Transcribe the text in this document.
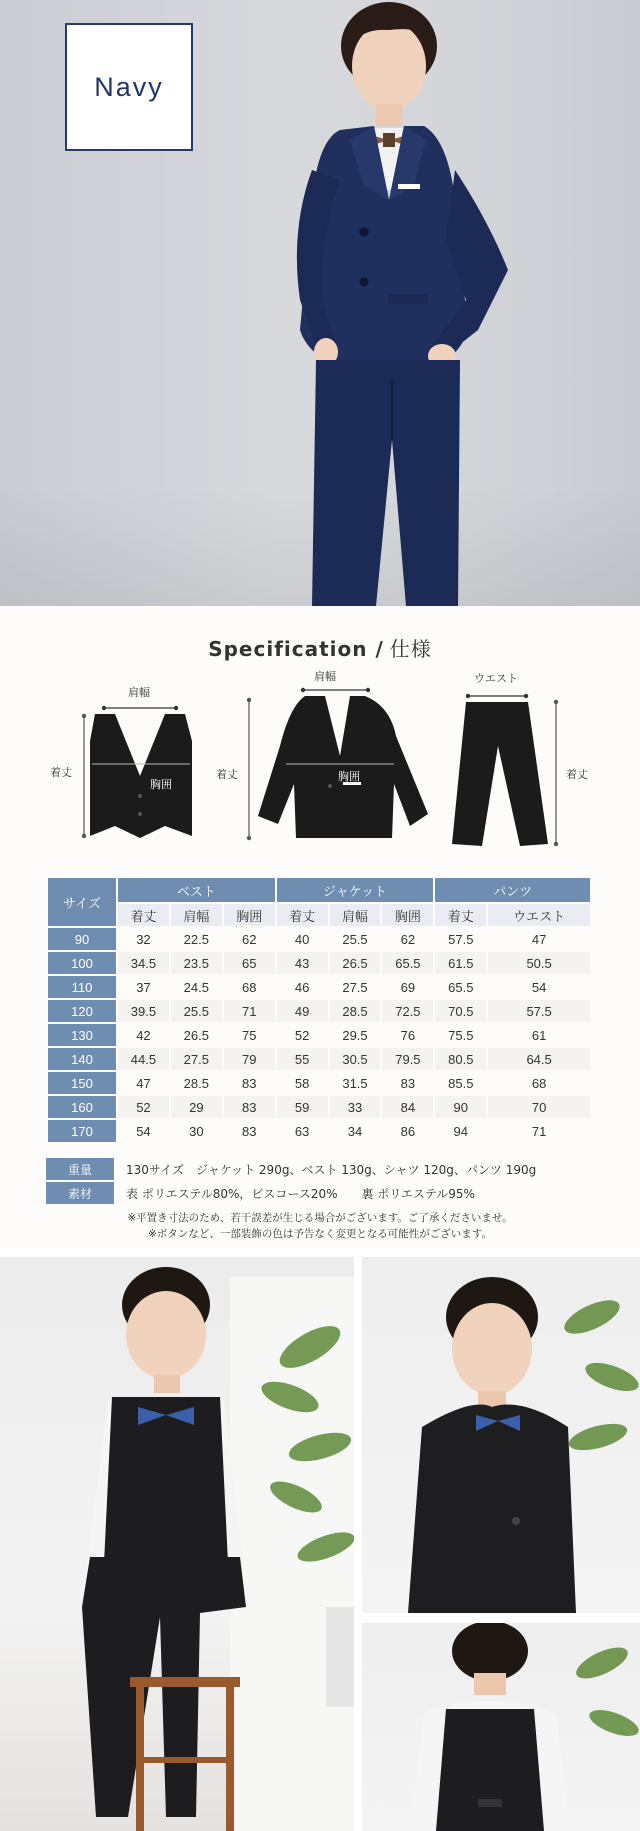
Navy
Specification / 仕様
肩幅
着丈
胸囲
肩幅
着丈	胸囲
ウエスト
着丈
サイズ	ベスト			ジャケット			パンツ	
	着丈	肩幅	胸囲	着丈	肩幅	胸囲	着丈	ウエスト
90	32	22.5	62	40	25.5	62	57.5	47
100	34.5	23.5	65	43	26.5	65.5	61.5	50.5
110	37	24.5	68	46	27.5	69	65.5	54
120	39.5	25.5	71	49	28.5	72.5	70.5	57.5
130	42	26.5	75	52	29.5	76	75.5	61
140	44.5	27.5	79	55	30.5	79.5	80.5	64.5
150	47	28.5	83	58	31.5	83	85.5	68
160	52	29	83	59	33	84	90	70
170	54	30	83	63	34	86	94	71
重量	130サイズ　ジャケット 290g、ベスト 130g、シャツ 120g、パンツ 190g
素材	表 ポリエステル80%，ビスコース20%　　裏 ポリエステル95%
※平置き寸法のため、若干誤差が生じる場合がございます。ご了承くださいませ。
※ボタンなど、一部装飾の色は予告なく変更となる可能性がございます。
